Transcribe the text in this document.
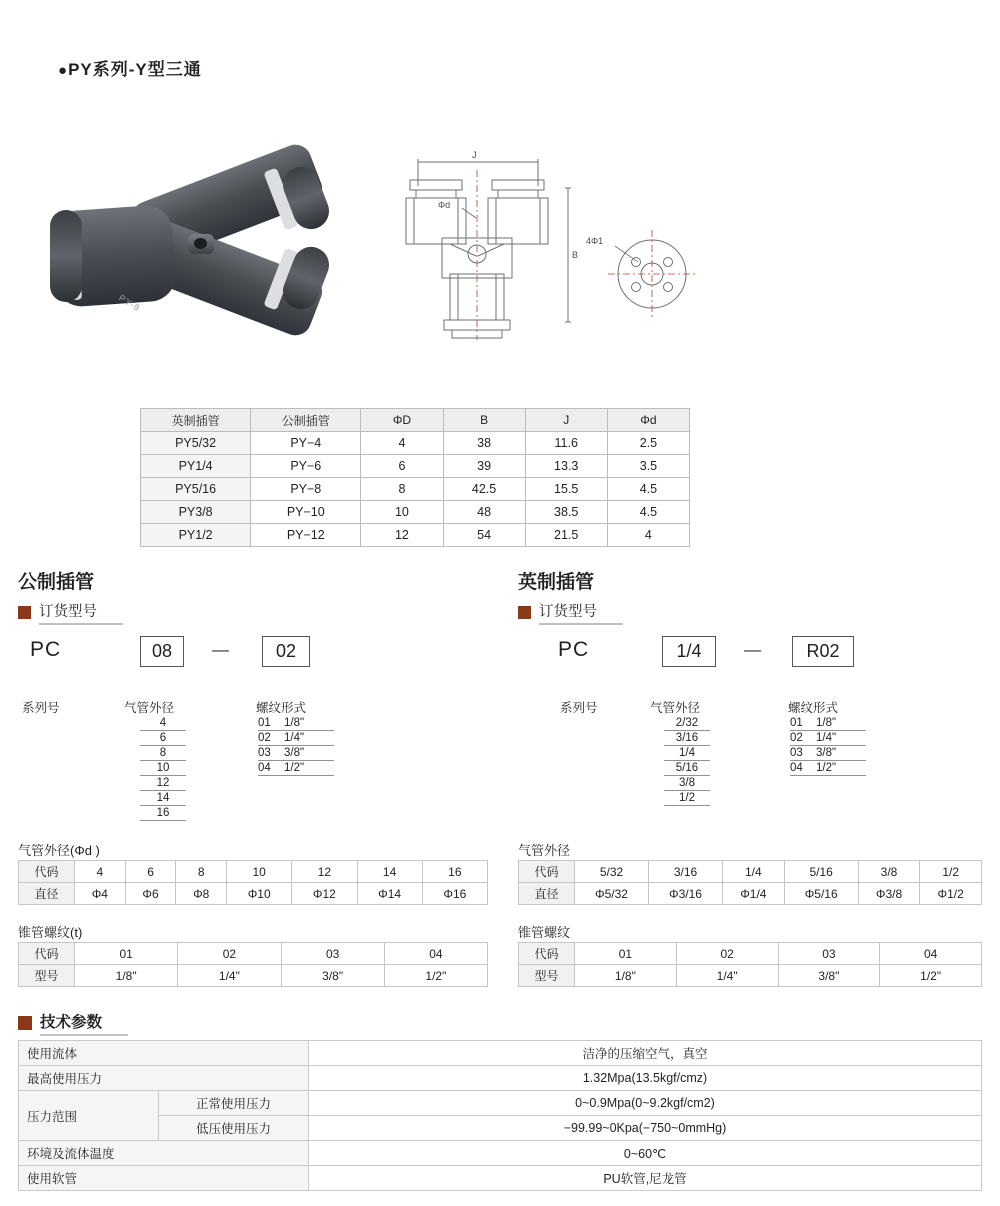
●PY系列-Y型三通
PY-8
J
Φd
B
4Φ1
英制插管	公制插管	ΦD	B	J	Φd
PY5/32	PY−4	4	38	11.6	2.5
PY1/4	PY−6	6	39	13.3	3.5
PY5/16	PY−8	8	42.5	15.5	4.5
PY3/8	PY−10	10	48	38.5	4.5
PY1/2	PY−12	12	54	21.5	4
公制插管
订货型号
PC	08	—	02
系列号	气管外径	螺纹形式
4
6
8
10
12
14
16
01	1/8"
02	1/4"
03	3/8"
04	1/2"
气管外径(Φd )
代码	4	6	8	10	12	14	16
直径	Φ4	Φ6	Φ8	Φ10	Φ12	Φ14	Φ16
锥管螺纹(t)
代码	01	02	03	04
型号	1/8"	1/4"	3/8"	1/2"
英制插管
订货型号
PC	1/4	—	R02
系列号	气管外径	螺纹形式
2/32
3/16
1/4
5/16
3/8
1/2
01	1/8"
02	1/4"
03	3/8"
04	1/2"
气管外径
代码	5/32	3/16	1/4	5/16	3/8	1/2
直径	Φ5/32	Φ3/16	Φ1/4	Φ5/16	Φ3/8	Φ1/2
锥管螺纹
代码	01	02	03	04
型号	1/8"	1/4"	3/8"	1/2"
技术参数
使用流体		洁净的压缩空气，真空
最高使用压力		1.32Mpa(13.5kgf/cmz)
压力范围	正常使用压力	0~0.9Mpa(0~9.2kgf/cm2)
	低压使用压力	−99.99~0Kpa(−750~0mmHg)
环境及流体温度		0~60℃
使用软管		PU软管,尼龙管
